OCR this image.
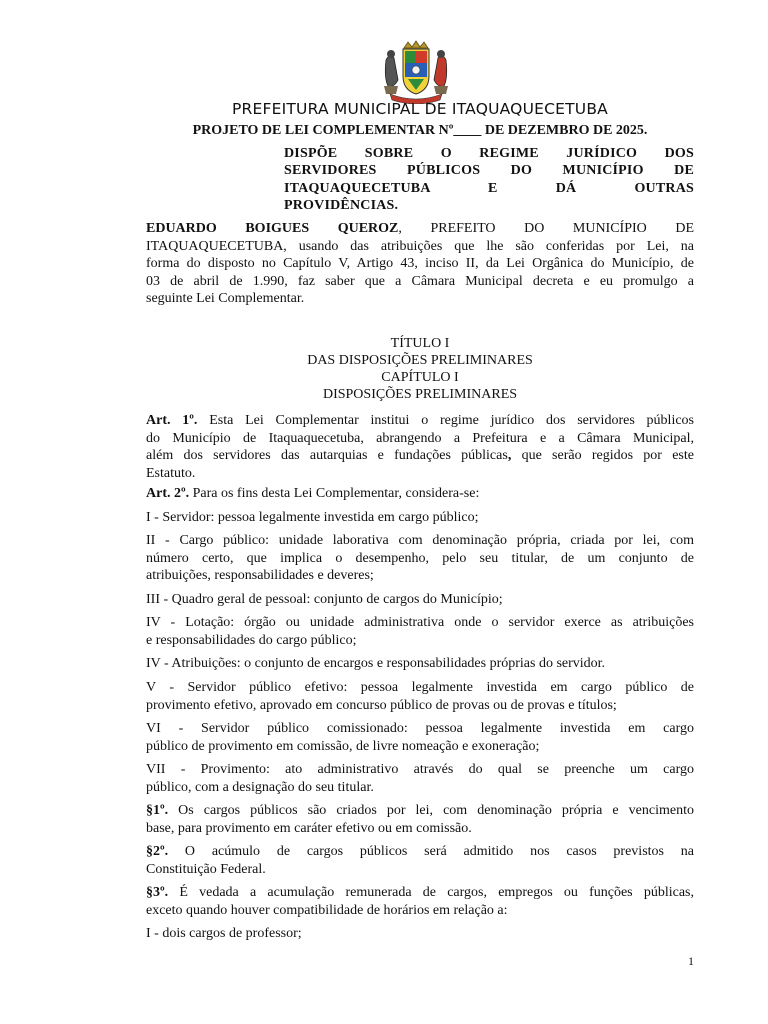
PREFEITURA MUNICIPAL DE ITAQUAQUECETUBA
PROJETO DE LEI COMPLEMENTAR Nº____ DE DEZEMBRO DE 2025.
DISPÕE SOBRE O REGIME JURÍDICO DOS
SERVIDORES PÚBLICOS DO MUNICÍPIO DE
ITAQUAQUECETUBA E DÁ OUTRAS
PROVIDÊNCIAS.
EDUARDO BOIGUES QUEROZ, PREFEITO DO MUNICÍPIO DE
ITAQUAQUECETUBA, usando das atribuições que lhe são conferidas por Lei, na
forma do disposto no Capítulo V, Artigo 43, inciso II, da Lei Orgânica do Município, de
03 de abril de 1.990, faz saber que a Câmara Municipal decreta e eu promulgo a
seguinte Lei Complementar.
TÍTULO I
DAS DISPOSIÇÕES PRELIMINARES
CAPÍTULO I
DISPOSIÇÕES PRELIMINARES
Art. 1º. Esta Lei Complementar institui o regime jurídico dos servidores públicos
do Município de Itaquaquecetuba, abrangendo a Prefeitura e a Câmara Municipal,
além dos servidores das autarquias e fundações públicas, que serão regidos por este
Estatuto.
Art. 2º. Para os fins desta Lei Complementar, considera-se:
I - Servidor: pessoa legalmente investida em cargo público;
II - Cargo público: unidade laborativa com denominação própria, criada por lei, com
número certo, que implica o desempenho, pelo seu titular, de um conjunto de
atribuições, responsabilidades e deveres;
III - Quadro geral de pessoal: conjunto de cargos do Município;
IV - Lotação: órgão ou unidade administrativa onde o servidor exerce as atribuições
e responsabilidades do cargo público;
IV - Atribuições: o conjunto de encargos e responsabilidades próprias do servidor.
V - Servidor público efetivo: pessoa legalmente investida em cargo público de
provimento efetivo, aprovado em concurso público de provas ou de provas e títulos;
VI - Servidor público comissionado: pessoa legalmente investida em cargo
público de provimento em comissão, de livre nomeação e exoneração;
VII - Provimento: ato administrativo através do qual se preenche um cargo
público, com a designação do seu titular.
§1º. Os cargos públicos são criados por lei, com denominação própria e vencimento
base, para provimento em caráter efetivo ou em comissão.
§2º. O acúmulo de cargos públicos será admitido nos casos previstos na
Constituição Federal.
§3º. É vedada a acumulação remunerada de cargos, empregos ou funções públicas,
exceto quando houver compatibilidade de horários em relação a:
I - dois cargos de professor;
1
